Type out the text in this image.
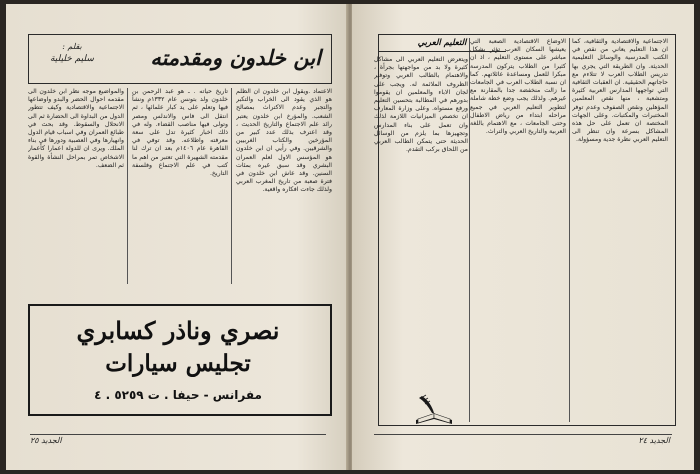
ابن خلدون ومقدمته
بقلم :
سليم خليلية
الاعتماد .ويقول ابن خلدون ان الظلم هو الذي يقود الى الخراب والتكبر والتجبر وعدم الاكتراث بمصالح الشعب. والمؤرخ ابن خلدون يعتبر رائد علم الاجتماع والتاريخ الحديث ، وقد اعترف بذلك عدد كبير من المؤرخين والكتاب الغربيين والشرقيين. وفي رأيي ان ابن خلدون هو المؤسس الاول لعلم العمران البشري وقد سبق غيره بمئات السنين. وقد عاش ابن خلدون في فترة صعبة من تاريخ المغرب العربي ولذلك جاءت افكاره واقعية.
تاريخ حياته . ـ هو عبد الرحمن بن خلدون ولد بتونس عام ١٣٣٢م ونشأ فيها وتعلم على يد كبار علمائها ، ثم انتقل الى فاس والاندلس ومصر وتولى فيها مناصب القضاء. وله في ذلك اخبار كثيرة تدل على سعة معرفته واطلاعه. وقد توفي في القاهرة عام ١٤٠٦م بعد ان ترك لنا مقدمته الشهيرة التي تعتبر من اهم ما كتب في علم الاجتماع وفلسفة التاريخ.
والمواضيع موجه نظر ابن خلدون الى مقدمه احوال الحضر والبدو واوضاعها الاجتماعية والاقتصادية وكيف تتطور الدول من البداوة الى الحضارة ثم الى الانحلال والسقوط. وقد بحث في طبائع العمران وفي اسباب قيام الدول وانهيارها وفي العصبية ودورها في بناء الملك. ويرى ان للدولة اعمارا كأعمار الاشخاص تمر بمراحل النشأة والقوة ثم الضعف.
نصري وناذر كسابري
تجليس سيارات
مفرانس - حيفا . ت ٥٢٥٩ . ٤
الجديد ٢٥
الاجتماعية والاقتصادية والثقافية، كما ان هذا التعليم يعاني من نقص في الكتب المدرسية والوسائل التعليمية الحديثة. وان الطريقة التي يجري بها تدريس الطلاب العرب لا تتلاءم مع حاجاتهم الحقيقية. ان العقبات الثقافية التي تواجهها المدارس العربية كثيرة ومتشعبة ، منها نقص المعلمين المؤهلين ونقص الصفوف وعدم توفر المختبرات والمكتبات. وعلى الجهات المختصة ان تعمل على حل هذه المشاكل بسرعة وان تنظر الى التعليم العربي نظرة جدية ومسؤولة.
الاوضاع الاقتصادية الصعبة التي يعيشها السكان العرب تؤثر بشكل مباشر على مستوى التعليم ، اذ ان كثيرا من الطلاب يتركون المدرسة مبكرا للعمل ومساعدة عائلاتهم. كما ان نسبة الطلاب العرب في الجامعات ما زالت منخفضة جدا بالمقارنة مع غيرهم. ولذلك يجب وضع خطة شاملة لتطوير التعليم العربي في جميع مراحله ابتداء من رياض الاطفال وحتى الجامعات ، مع الاهتمام باللغة العربية والتاريخ العربي والتراث.
التعليم العربي
ويتعرض التعليم العربي الى مشاكل كثيرة ولا بد من مواجهتها بجرأة ، والاهتمام بالطالب العربي وتوفير الظروف الملائمة له. ويجب على لجان الاباء والمعلمين ان يقوموا بدورهم في المطالبة بتحسين التعليم ورفع مستواه. وعلى وزارة المعارف ان تخصص الميزانيات اللازمة لذلك وان تعمل على بناء المدارس وتجهيزها بما يلزم من الوسائل الحديثة حتى يتمكن الطالب العربي من اللحاق بركب التقدم.
الجديد ٢٤
